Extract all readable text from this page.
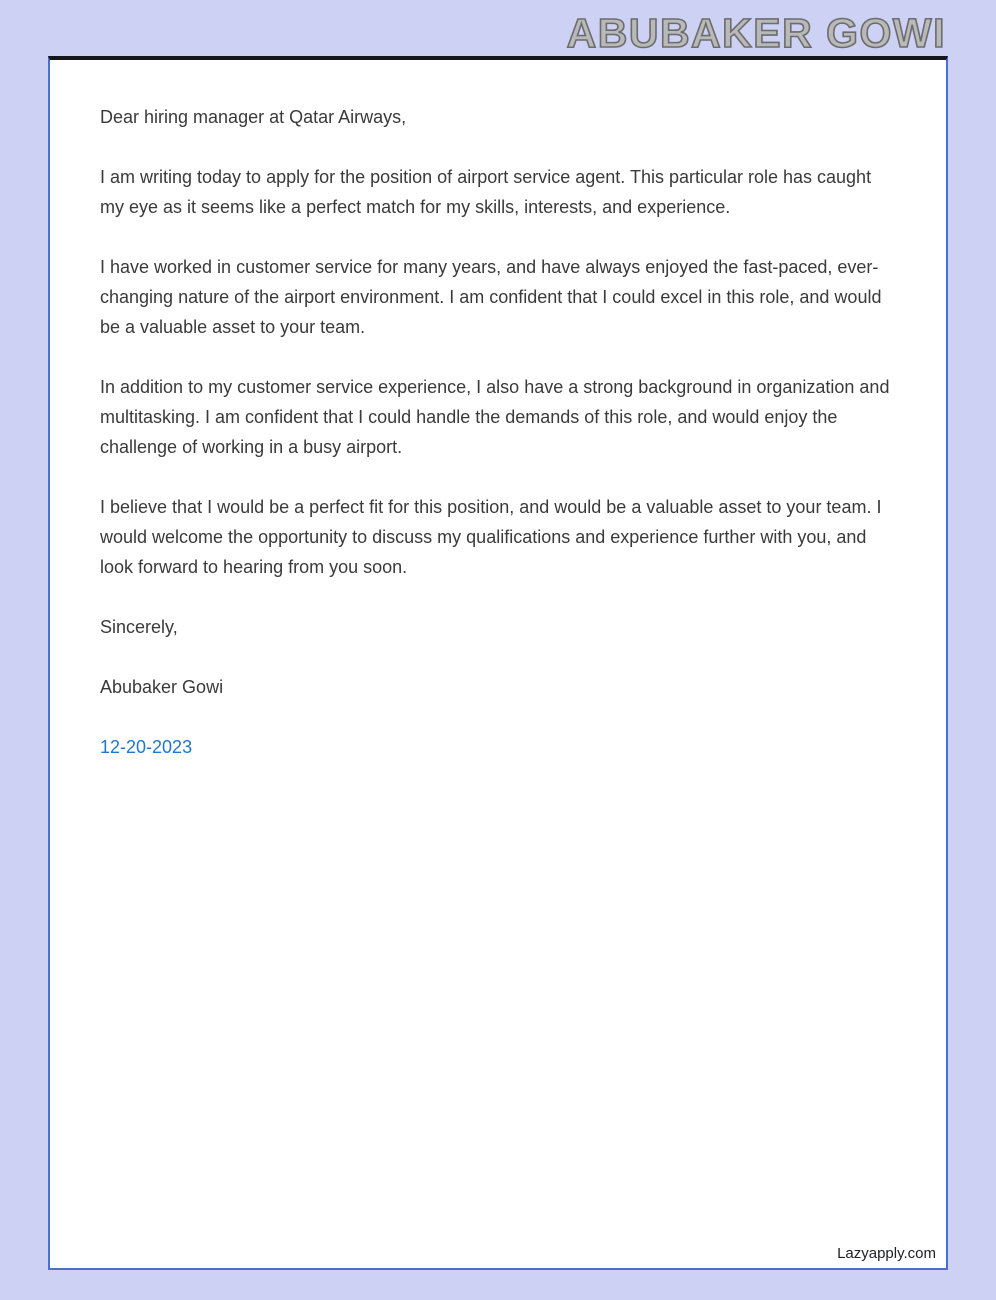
ABUBAKER GOWI

Dear hiring manager at Qatar Airways,

I am writing today to apply for the position of airport service agent. This particular role has caught my eye as it seems like a perfect match for my skills, interests, and experience.

I have worked in customer service for many years, and have always enjoyed the fast-paced, ever-changing nature of the airport environment. I am confident that I could excel in this role, and would be a valuable asset to your team.

In addition to my customer service experience, I also have a strong background in organization and multitasking. I am confident that I could handle the demands of this role, and would enjoy the challenge of working in a busy airport.

I believe that I would be a perfect fit for this position, and would be a valuable asset to your team. I would welcome the opportunity to discuss my qualifications and experience further with you, and look forward to hearing from you soon.

Sincerely,

Abubaker Gowi

12-20-2023

Lazyapply.com
